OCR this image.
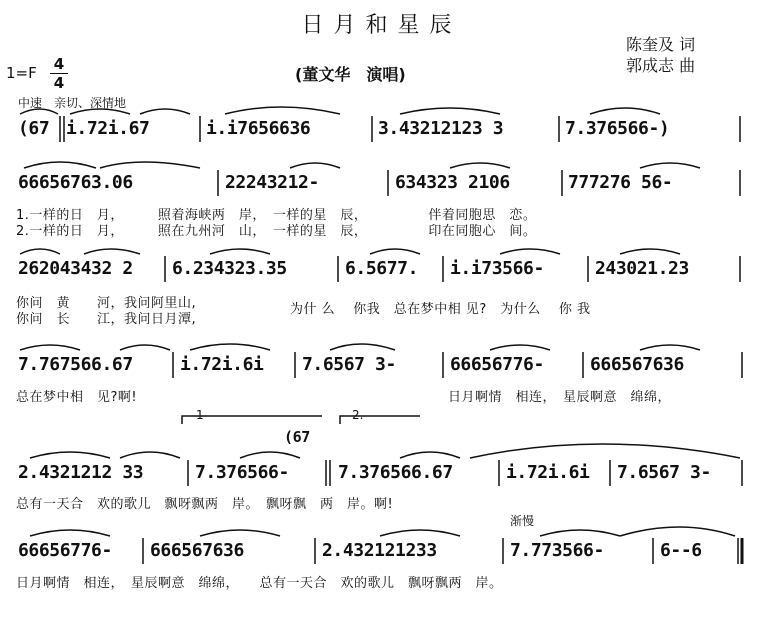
日月和星辰
1=F	4
4	(董文华　演唱)
陈奎及 词
郭成志 曲
中速　亲切、深情地
(67 i.72i.67	i.i7656636	3.43212123 3	7.376566-)
66656763.06	22243212-	634323 2106	777276 56-
1.一样的日　月，　　　照着海峡两　岸，　一样的星　辰，　　　　　伴着同胞思　恋。
2.一样的日　月，　　　照在九州河　山，　一样的星　辰，　　　　　印在同胞心　间。
262043432 2 6.234323.35	6.5677. i.i73566-	243021.23
你问　黄　　河，我问阿里山,
你问　长　　江，我问日月潭,
为什 么　 你我　总在梦中相 见?　为什么　 你 我
7.767566.67	i.72i.6i 7.6567 3-	66656776-	666567636
总在梦中相　见?啊!	日月啊情　相连，　星辰啊意　绵绵，
1	2.
(67
2.4321212 33	7.376566-	7.376566.67	i.72i.6i 7.6567 3-
总有一天合　欢的歌儿　飘呀飘两　岸。　飘呀飘　两　岸。啊!
渐慢
66656776- 666567636	2.432121233	7.773566-	6--6
日月啊情　相连，　星辰啊意　绵绵，　　总有一天合　欢的歌儿　飘呀飘两　岸。
